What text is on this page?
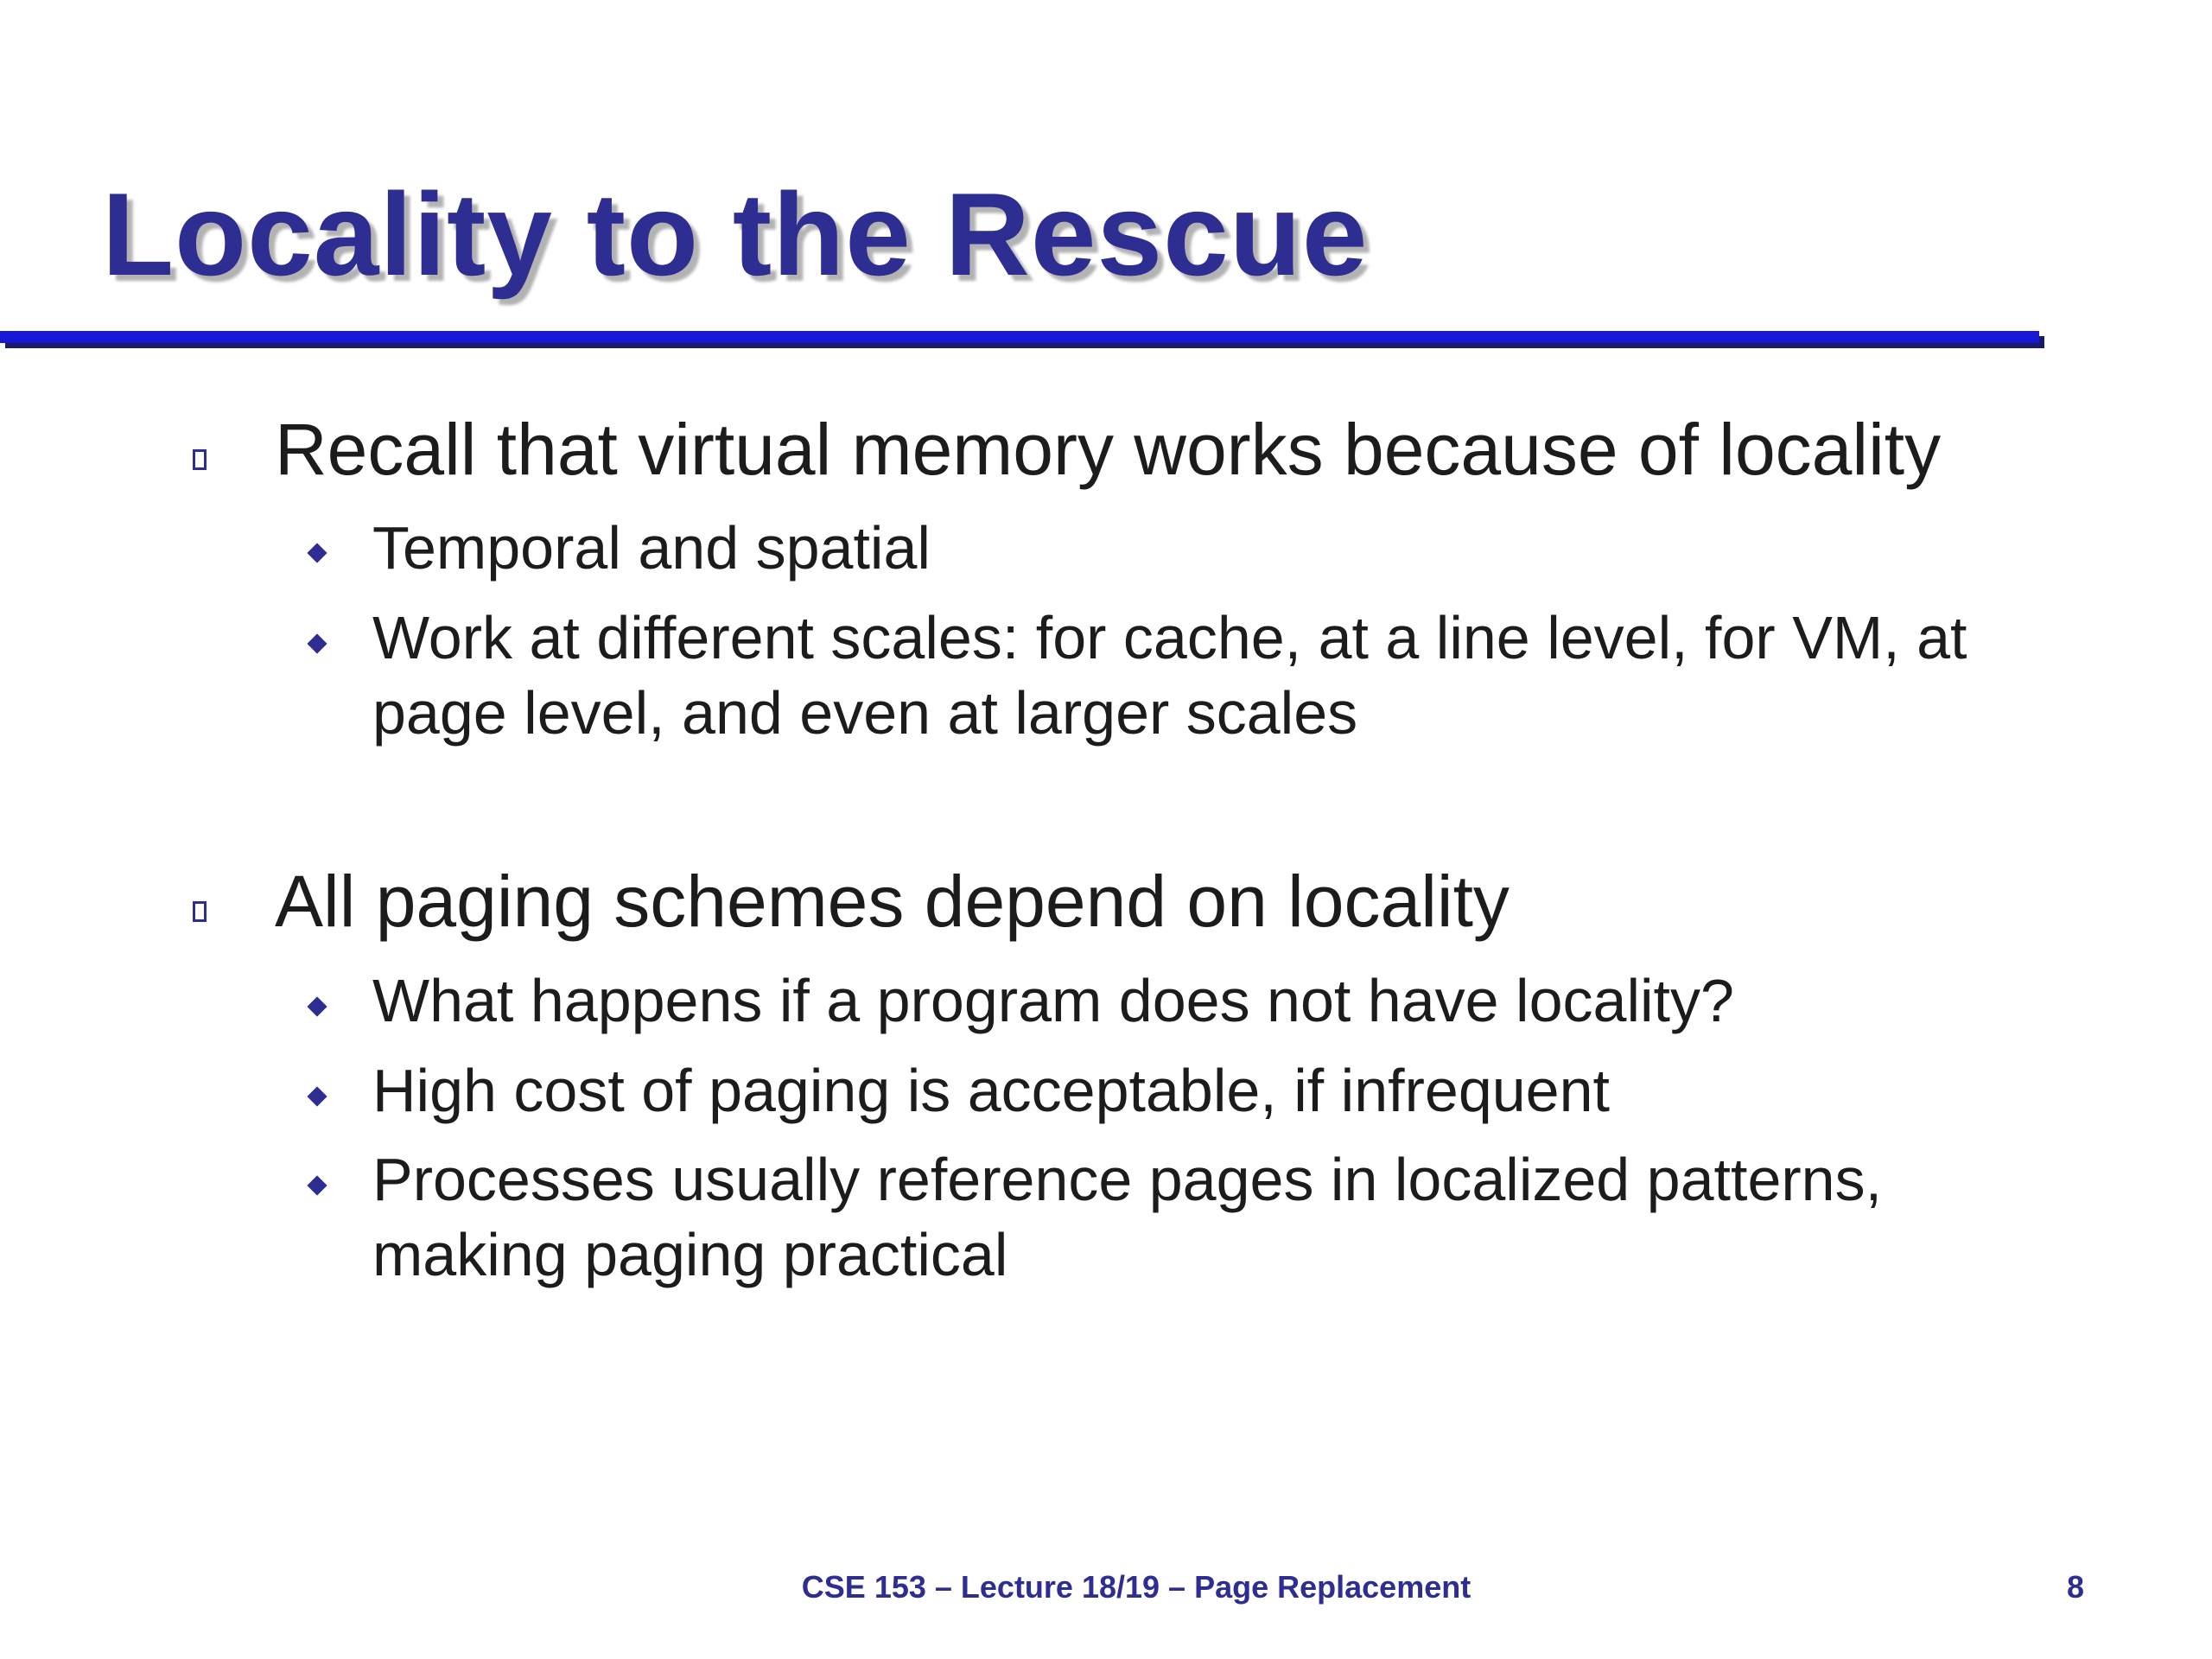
Locality to the Rescue
Recall that virtual memory works because of locality
Temporal and spatial
Work at different scales: for cache, at a line level, for VM, at
page level, and even at larger scales
All paging schemes depend on locality
What happens if a program does not have locality?
High cost of paging is acceptable, if infrequent
Processes usually reference pages in localized patterns,
making paging practical
CSE 153 – Lecture 18/19 – Page Replacement	8
